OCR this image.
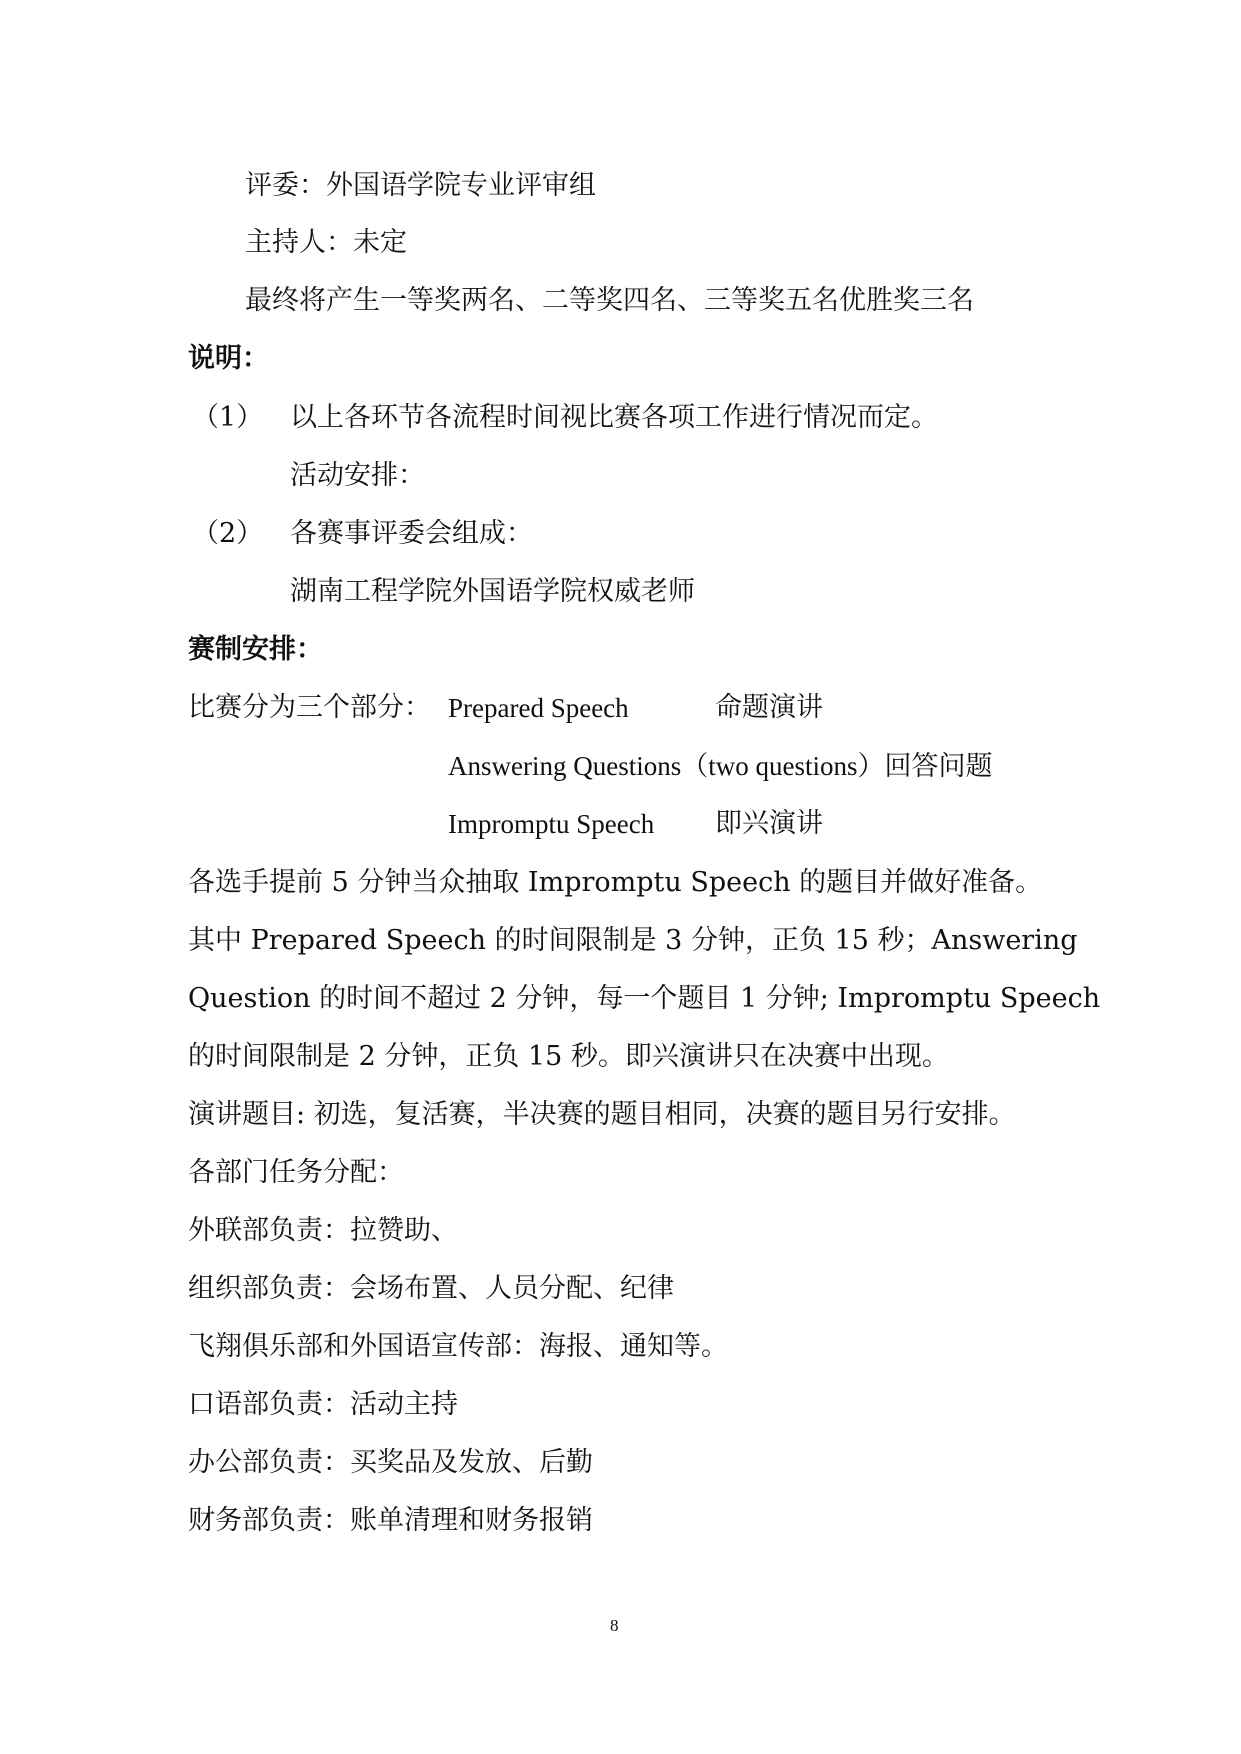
评委：外国语学院专业评审组
主持人：未定
最终将产生一等奖两名、二等奖四名、三等奖五名优胜奖三名
说明：
（1） 以上各环节各流程时间视比赛各项工作进行情况而定。
活动安排：
（2） 各赛事评委会组成：
湖南工程学院外国语学院权威老师
赛制安排：
比赛分为三个部分： Prepared Speech	命题演讲
Answering Questions（two questions）回答问题
Impromptu Speech 即兴演讲
各选手提前 5 分钟当众抽取 Impromptu Speech 的题目并做好准备。
其中 Prepared Speech 的时间限制是 3 分钟，正负 15 秒；Answering
Question 的时间不超过 2 分钟，每一个题目 1 分钟; Impromptu Speech
的时间限制是 2 分钟，正负 15 秒。即兴演讲只在决赛中出现。
演讲题目: 初选，复活赛，半决赛的题目相同，决赛的题目另行安排。
各部门任务分配：
外联部负责：拉赞助、
组织部负责：会场布置、人员分配、纪律
飞翔俱乐部和外国语宣传部：海报、通知等。
口语部负责：活动主持
办公部负责：买奖品及发放、后勤
财务部负责：账单清理和财务报销
8
